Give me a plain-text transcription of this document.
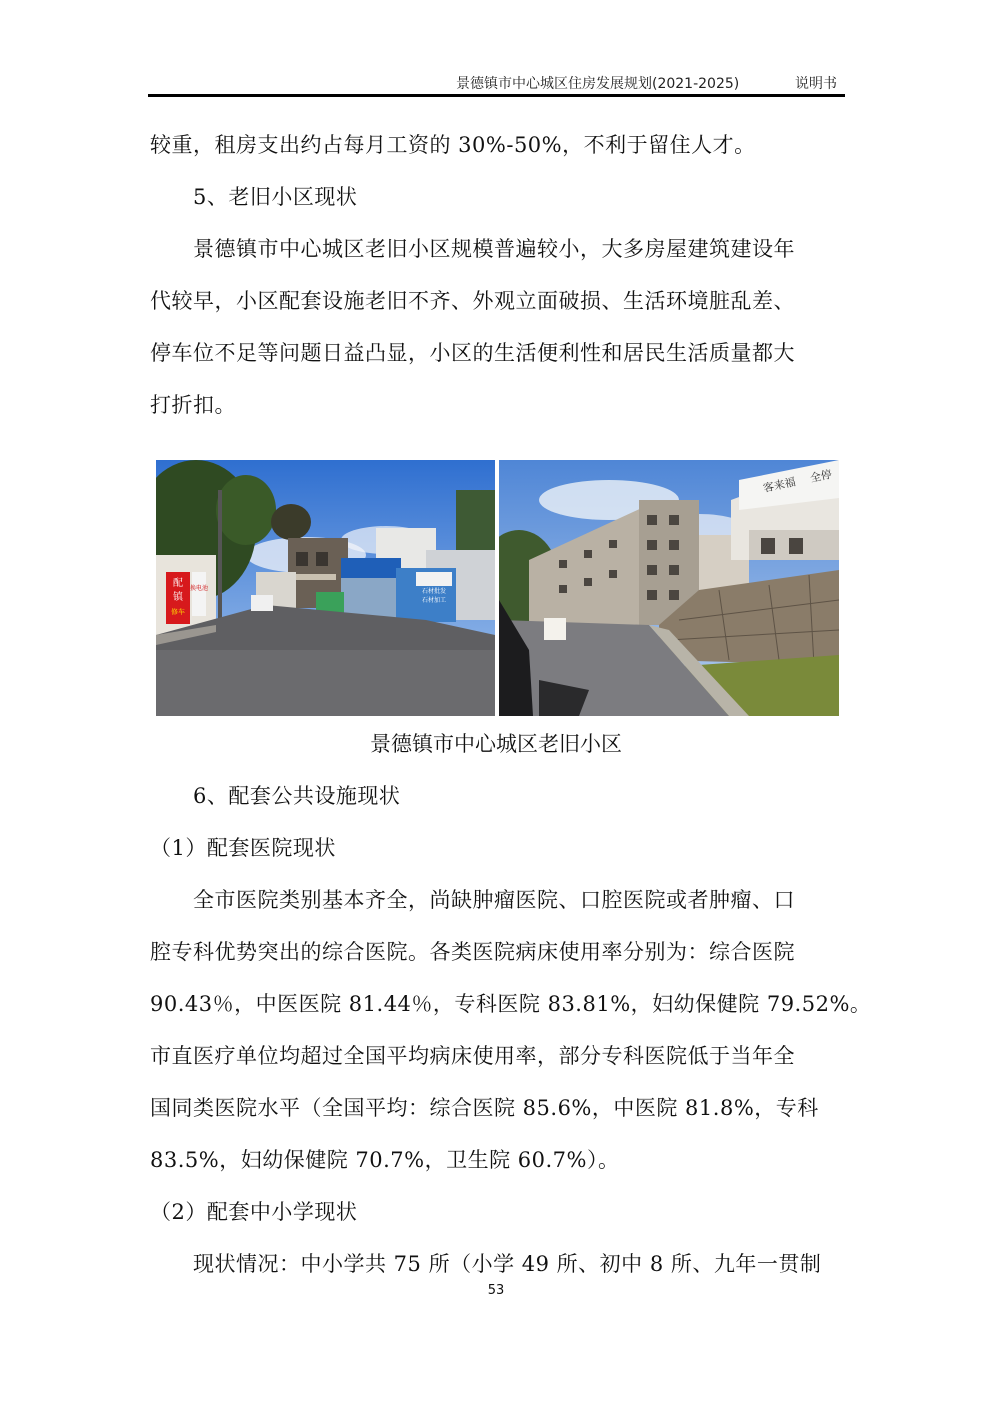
景德镇市中心城区住房发展规划(2021-2025)	说明书
较重，租房支出约占每月工资的 30%-50%，不利于留住人才。
　　5、老旧小区现状
　　景德镇市中心城区老旧小区规模普遍较小，大多房屋建筑建设年
代较早，小区配套设施老旧不齐、外观立面破损、生活环境脏乱差、
停车位不足等问题日益凸显，小区的生活便利性和居民生活质量都大
打折扣。
配
镇
修车
换电池	石材批发
石材加工
客来福 全停
景德镇市中心城区老旧小区
　　6、配套公共设施现状
（1）配套医院现状
　　全市医院类别基本齐全，尚缺肿瘤医院、口腔医院或者肿瘤、口
腔专科优势突出的综合医院。各类医院病床使用率分别为：综合医院
90.43％，中医医院 81.44％，专科医院 83.81%，妇幼保健院 79.52%。
市直医疗单位均超过全国平均病床使用率，部分专科医院低于当年全
国同类医院水平（全国平均：综合医院 85.6%，中医院 81.8%，专科
83.5%，妇幼保健院 70.7%，卫生院 60.7%）。
（2）配套中小学现状
　　现状情况：中小学共 75 所（小学 49 所、初中 8 所、九年一贯制
53
